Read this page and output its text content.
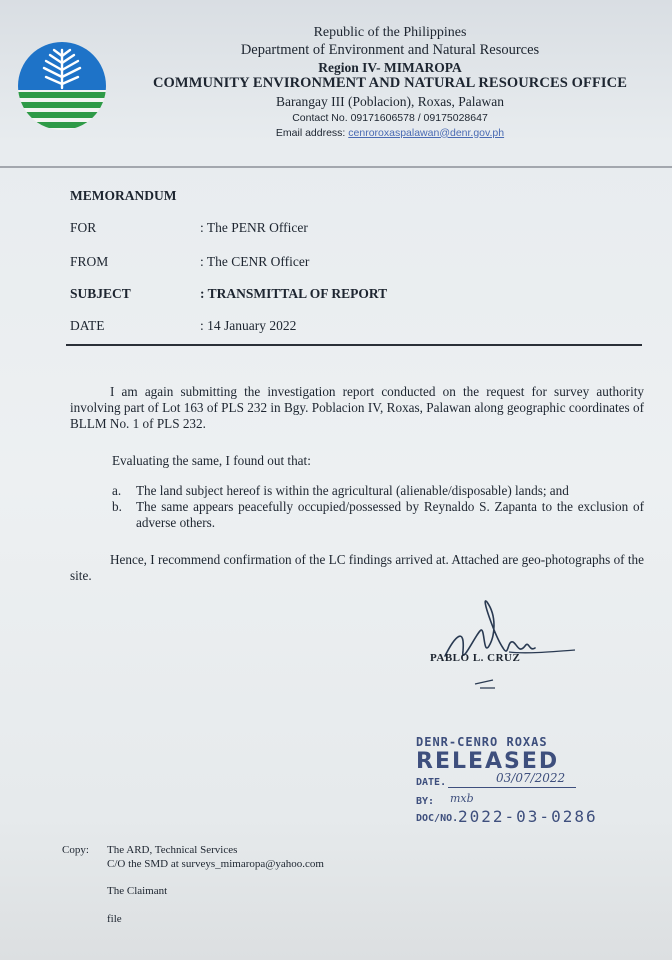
Republic of the Philippines
Department of Environment and Natural Resources
Region IV- MIMAROPA
COMMUNITY ENVIRONMENT AND NATURAL RESOURCES OFFICE
Barangay III (Poblacion), Roxas, Palawan
Contact No. 09171606578 / 09175028647
Email address: cenroroxaspalawan@denr.gov.ph
MEMORANDUM
FOR	: The PENR Officer
FROM	: The CENR Officer
SUBJECT	: TRANSMITTAL OF REPORT
DATE	: 14 January 2022
I am again submitting the investigation report conducted on the request for survey authority involving part of Lot 163 of PLS 232 in Bgy. Poblacion IV, Roxas, Palawan along geographic coordinates of BLLM No. 1 of PLS 232.
Evaluating the same, I found out that:
a. The land subject hereof is within the agricultural (alienable/disposable) lands; and
b. The same appears peacefully occupied/possessed by Reynaldo S. Zapanta to the exclusion of adverse others.
Hence, I recommend confirmation of the LC findings arrived at. Attached are geo-photographs of the site.
PABLO L. CRUZ
DENR-CENRO ROXAS
RELEASED
DATE.	03/07/2022
BY: mxb
DOC/NO. 2022-03-0286
Copy: The ARD, Technical Services
C/O the SMD at surveys_mimaropa@yahoo.com
The Claimant
file
